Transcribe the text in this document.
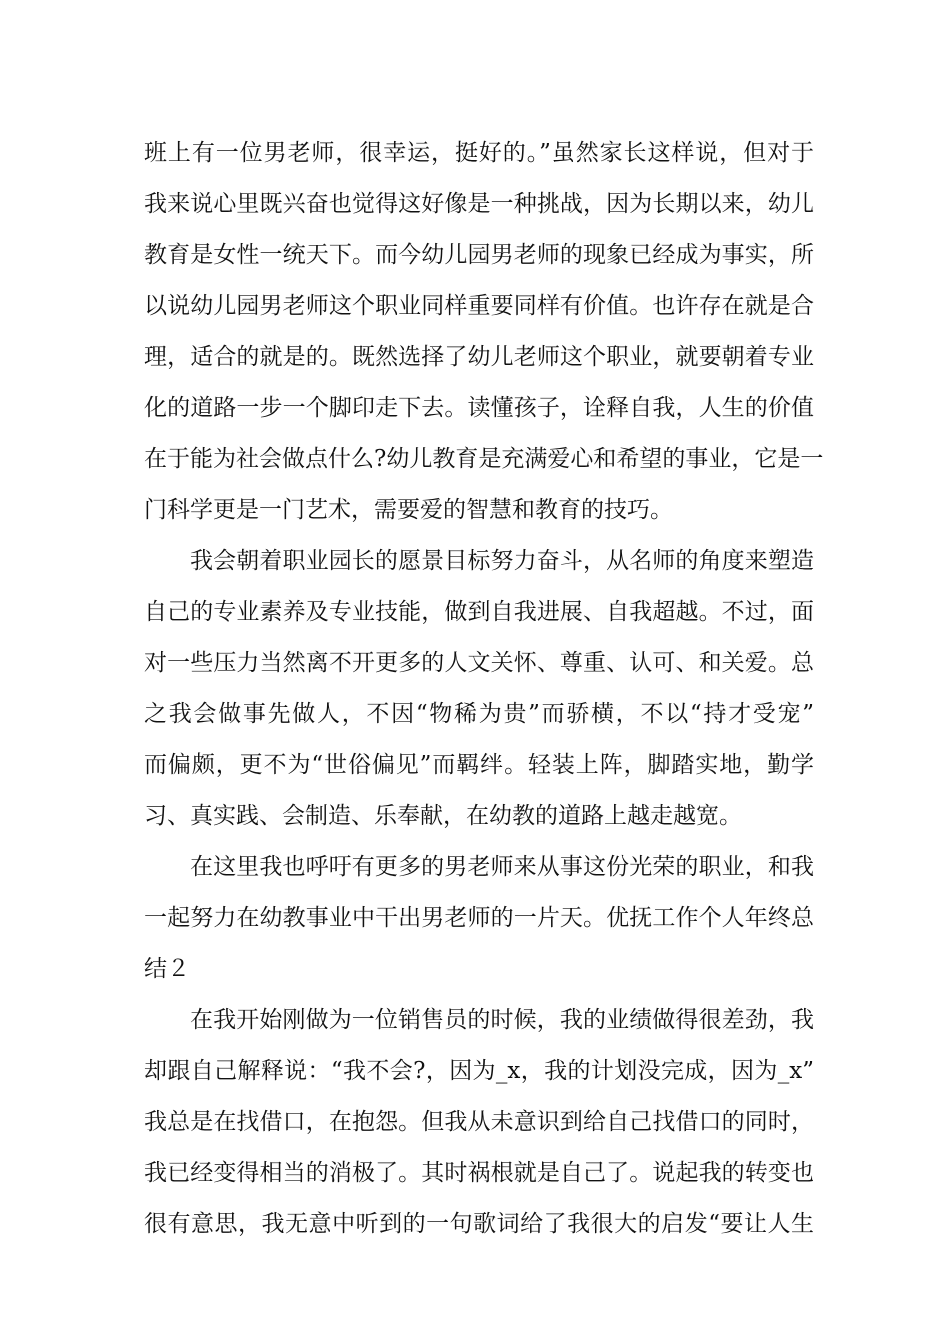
班上有一位男老师，很幸运，挺好的。”虽然家长这样说，但对于
我来说心里既兴奋也觉得这好像是一种挑战，因为长期以来，幼儿
教育是女性一统天下。而今幼儿园男老师的现象已经成为事实，所
以说幼儿园男老师这个职业同样重要同样有价值。也许存在就是合
理，适合的就是的。既然选择了幼儿老师这个职业，就要朝着专业
化的道路一步一个脚印走下去。读懂孩子，诠释自我，人生的价值
在于能为社会做点什么?幼儿教育是充满爱心和希望的事业，它是一
门科学更是一门艺术，需要爱的智慧和教育的技巧。
我会朝着职业园长的愿景目标努力奋斗，从名师的角度来塑造
自己的专业素养及专业技能，做到自我进展、自我超越。不过，面
对一些压力当然离不开更多的人文关怀、尊重、认可、和关爱。总
之我会做事先做人，不因“物稀为贵”而骄横，不以“持才受宠”
而偏颇，更不为“世俗偏见”而羁绊。轻装上阵，脚踏实地，勤学
习、真实践、会制造、乐奉献，在幼教的道路上越走越宽。
在这里我也呼吁有更多的男老师来从事这份光荣的职业，和我
一起努力在幼教事业中干出男老师的一片天。优抚工作个人年终总
结２
在我开始刚做为一位销售员的时候，我的业绩做得很差劲，我
却跟自己解释说：“我不会?，因为_x，我的计划没完成，因为_x”
我总是在找借口，在抱怨。但我从未意识到给自己找借口的同时，
我已经变得相当的消极了。其时祸根就是自己了。说起我的转变也
很有意思，我无意中听到的一句歌词给了我很大的启发“要让人生
